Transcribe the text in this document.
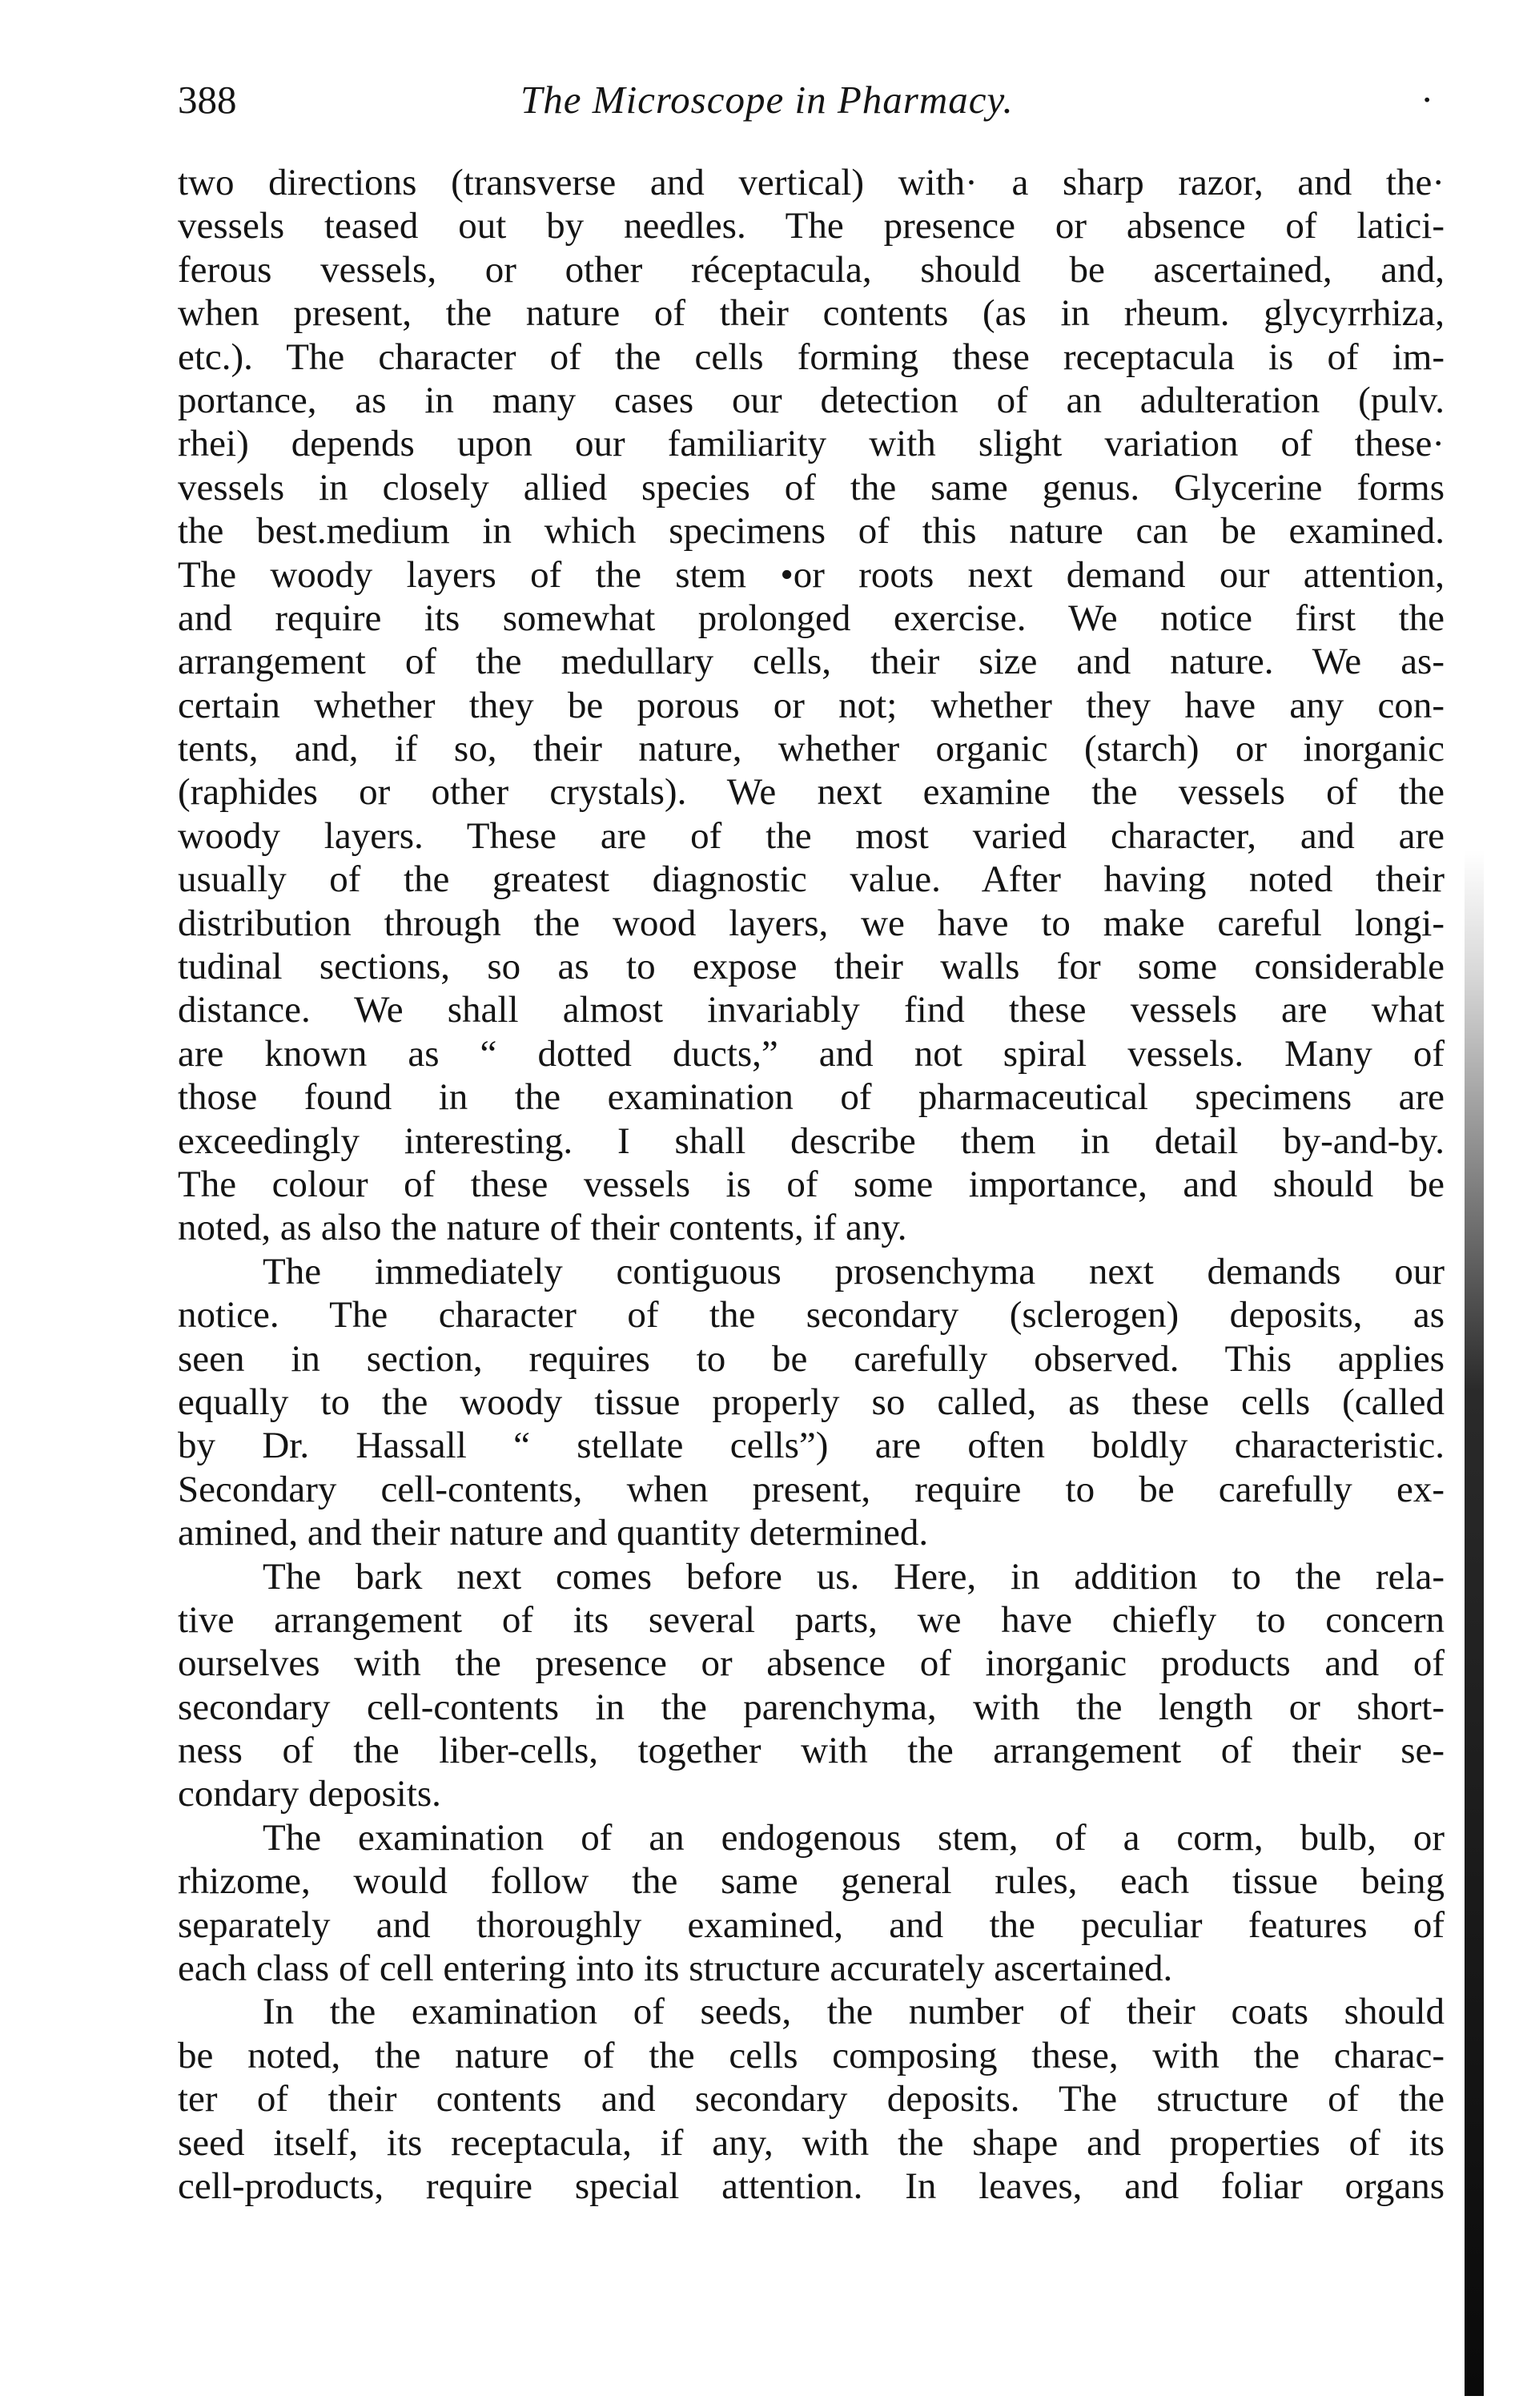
388	The Microscope in Pharmacy.	·
two directions (transverse and vertical) with· a sharp razor, and the·
vessels teased out by needles. The presence or absence of latici-
ferous vessels, or other réceptacula, should be ascertained, and,
when present, the nature of their contents (as in rheum. glycyrrhiza,
etc.). The character of the cells forming these receptacula is of im-
portance, as in many cases our detection of an adulteration (pulv.
rhei) depends upon our familiarity with slight variation of these·
vessels in closely allied species of the same genus. Glycerine forms
the best.medium in which specimens of this nature can be examined.
The woody layers of the stem •or roots next demand our attention,
and require its somewhat prolonged exercise. We notice first the
arrangement of the medullary cells, their size and nature. We as-
certain whether they be porous or not; whether they have any con-
tents, and, if so, their nature, whether organic (starch) or inorganic
(raphides or other crystals). We next examine the vessels of the
woody layers. These are of the most varied character, and are
usually of the greatest diagnostic value. After having noted their
distribution through the wood layers, we have to make careful longi-
tudinal sections, so as to expose their walls for some considerable
distance. We shall almost invariably find these vessels are what
are known as “ dotted ducts,” and not spiral vessels. Many of
those found in the examination of pharmaceutical specimens are
exceedingly interesting. I shall describe them in detail by-and-by.
The colour of these vessels is of some importance, and should be
noted, as also the nature of their contents, if any.
The immediately contiguous prosenchyma next demands our
notice. The character of the secondary (sclerogen) deposits, as
seen in section, requires to be carefully observed. This applies
equally to the woody tissue properly so called, as these cells (called
by Dr. Hassall “ stellate cells”) are often boldly characteristic.
Secondary cell-contents, when present, require to be carefully ex-
amined, and their nature and quantity determined.
The bark next comes before us. Here, in addition to the rela-
tive arrangement of its several parts, we have chiefly to concern
ourselves with the presence or absence of inorganic products and of
secondary cell-contents in the parenchyma, with the length or short-
ness of the liber-cells, together with the arrangement of their se-
condary deposits.
The examination of an endogenous stem, of a corm, bulb, or
rhizome, would follow the same general rules, each tissue being
separately and thoroughly examined, and the peculiar features of
each class of cell entering into its structure accurately ascertained.
In the examination of seeds, the number of their coats should
be noted, the nature of the cells composing these, with the charac-
ter of their contents and secondary deposits. The structure of the
seed itself, its receptacula, if any, with the shape and properties of its
cell-products, require special attention. In leaves, and foliar organs
